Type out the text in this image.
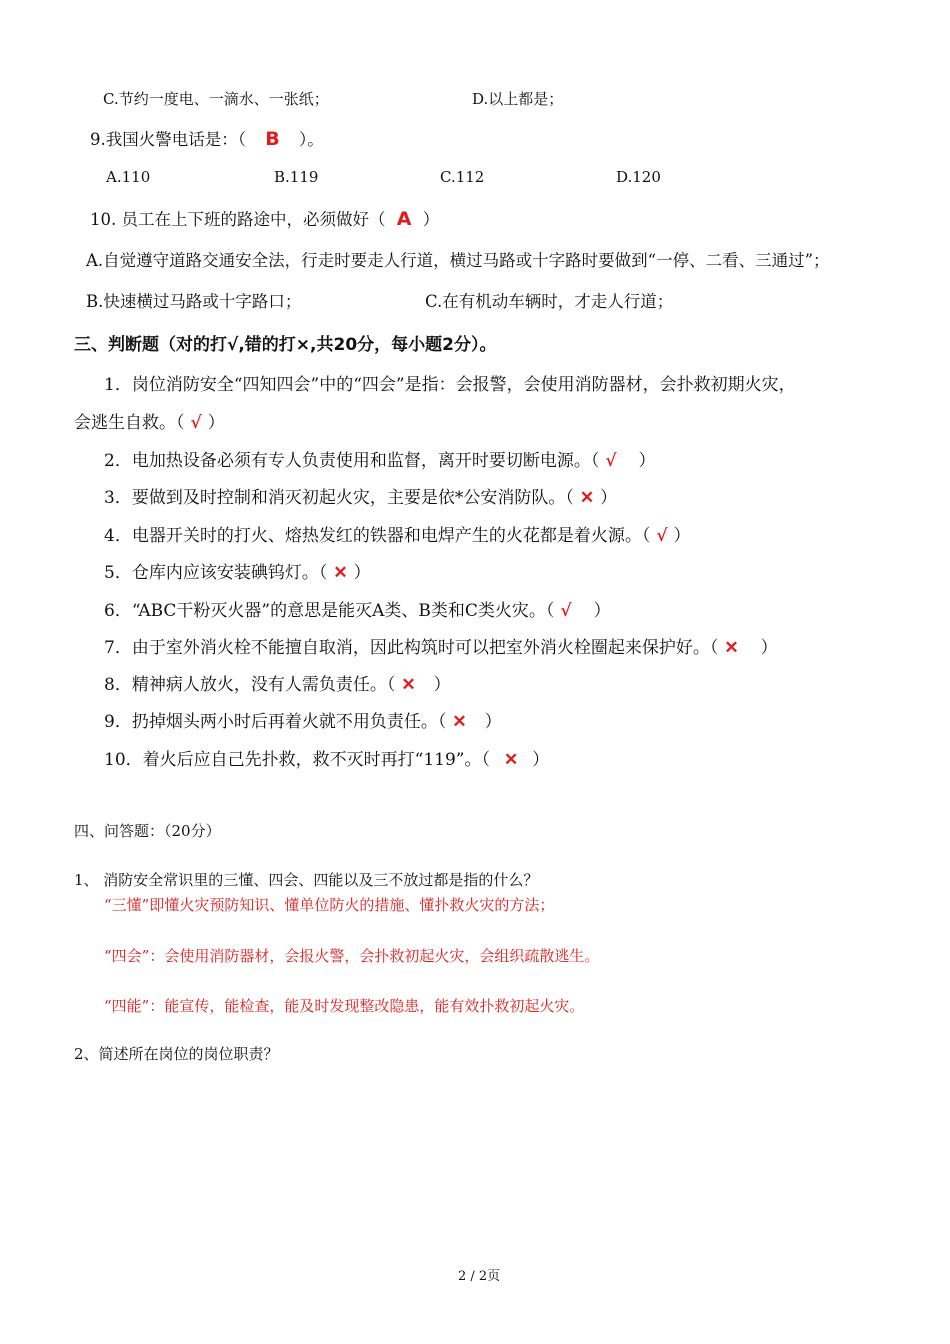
C.节约一度电、一滴水、一张纸；	D.以上都是；
9.我国火警电话是：（ B ）。
A.110	B.119	C.112	D.120
10. 员工在上下班的路途中，必须做好（ A ）
A.自觉遵守道路交通安全法，行走时要走人行道，横过马路或十字路时要做到“一停、二看、三通过”；
B.快速横过马路或十字路口；	C.在有机动车辆时，才走人行道；
三、判断题（对的打√,错的打×,共20分，每小题2分）。
1．岗位消防安全“四知四会”中的“四会”是指：会报警，会使用消防器材，会扑救初期火灾，
会逃生自救。（ √ ）
2．电加热设备必须有专人负责使用和监督，离开时要切断电源。（ √ ）
3．要做到及时控制和消灭初起火灾，主要是依*公安消防队。（ ✕ ）
4．电器开关时的打火、熔热发红的铁器和电焊产生的火花都是着火源。（ √ ）
5．仓库内应该安装碘钨灯。（ ✕ ）
6．“ABC干粉灭火器”的意思是能灭A类、B类和C类火灾。（ √ ）
7．由于室外消火栓不能擅自取消，因此构筑时可以把室外消火栓圈起来保护好。（ ✕ ）
8．精神病人放火，没有人需负责任。（ ✕ ）
9．扔掉烟头两小时后再着火就不用负责任。（ ✕ ）
10．着火后应自己先扑救，救不灭时再打“119”。（ ✕ ）
四、问答题：（20分）
1、 消防安全常识里的三懂、四会、四能以及三不放过都是指的什么？
“三懂”即懂火灾预防知识、懂单位防火的措施、懂扑救火灾的方法；
“四会”：会使用消防器材，会报火警，会扑救初起火灾，会组织疏散逃生。
“四能”：能宣传，能检查，能及时发现整改隐患，能有效扑救初起火灾。
2、简述所在岗位的岗位职责？
2 / 2页
